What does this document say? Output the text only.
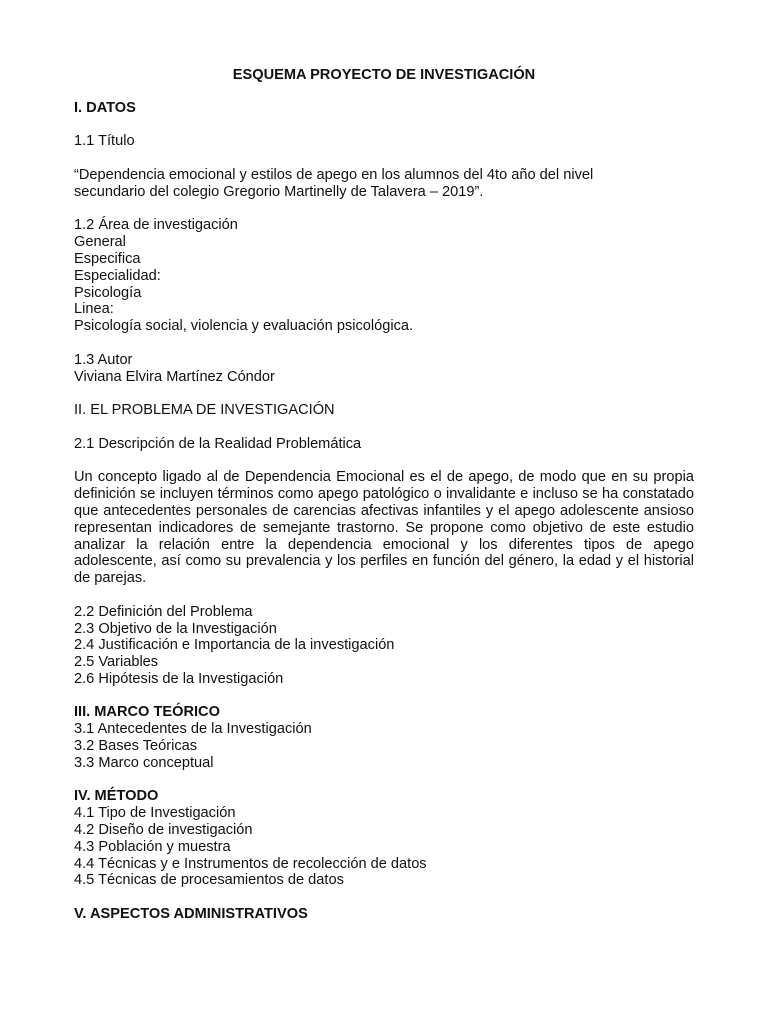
ESQUEMA PROYECTO DE INVESTIGACIÓN
I. DATOS

1.1 Título

“Dependencia emocional y estilos de apego en los alumnos del 4to año del nivel secundario del colegio Gregorio Martinelly de Talavera – 2019”.

1.2 Área de investigación

General
Especifica
Especialidad:
Psicología
Linea:
Psicología social, violencia y evaluación psicológica.

1.3 Autor

Viviana Elvira Martínez Cóndor

II. EL PROBLEMA DE INVESTIGACIÓN

2.1 Descripción de la Realidad Problemática

Un concepto ligado al de Dependencia Emocional es el de apego, de modo que en su propia definición se incluyen términos como apego patológico o invalidante e incluso se ha constatado que antecedentes personales de carencias afectivas infantiles y el apego adolescente ansioso representan indicadores de semejante trastorno. Se propone como objetivo de este estudio analizar la relación entre la dependencia emocional y los diferentes tipos de apego adolescente, así como su prevalencia y los perfiles en función del género, la edad y el historial de parejas.

2.2 Definición del Problema
2.3 Objetivo de la Investigación
2.4 Justificación e Importancia de la investigación
2.5 Variables
2.6 Hipótesis de la Investigación
III. MARCO TEÓRICO
3.1 Antecedentes de la Investigación
3.2 Bases Teóricas
3.3 Marco conceptual
IV. MÉTODO
4.1 Tipo de Investigación
4.2 Diseño de investigación
4.3 Población y muestra
4.4 Técnicas y e Instrumentos de recolección de datos
4.5 Técnicas de procesamientos de datos
V. ASPECTOS ADMINISTRATIVOS
